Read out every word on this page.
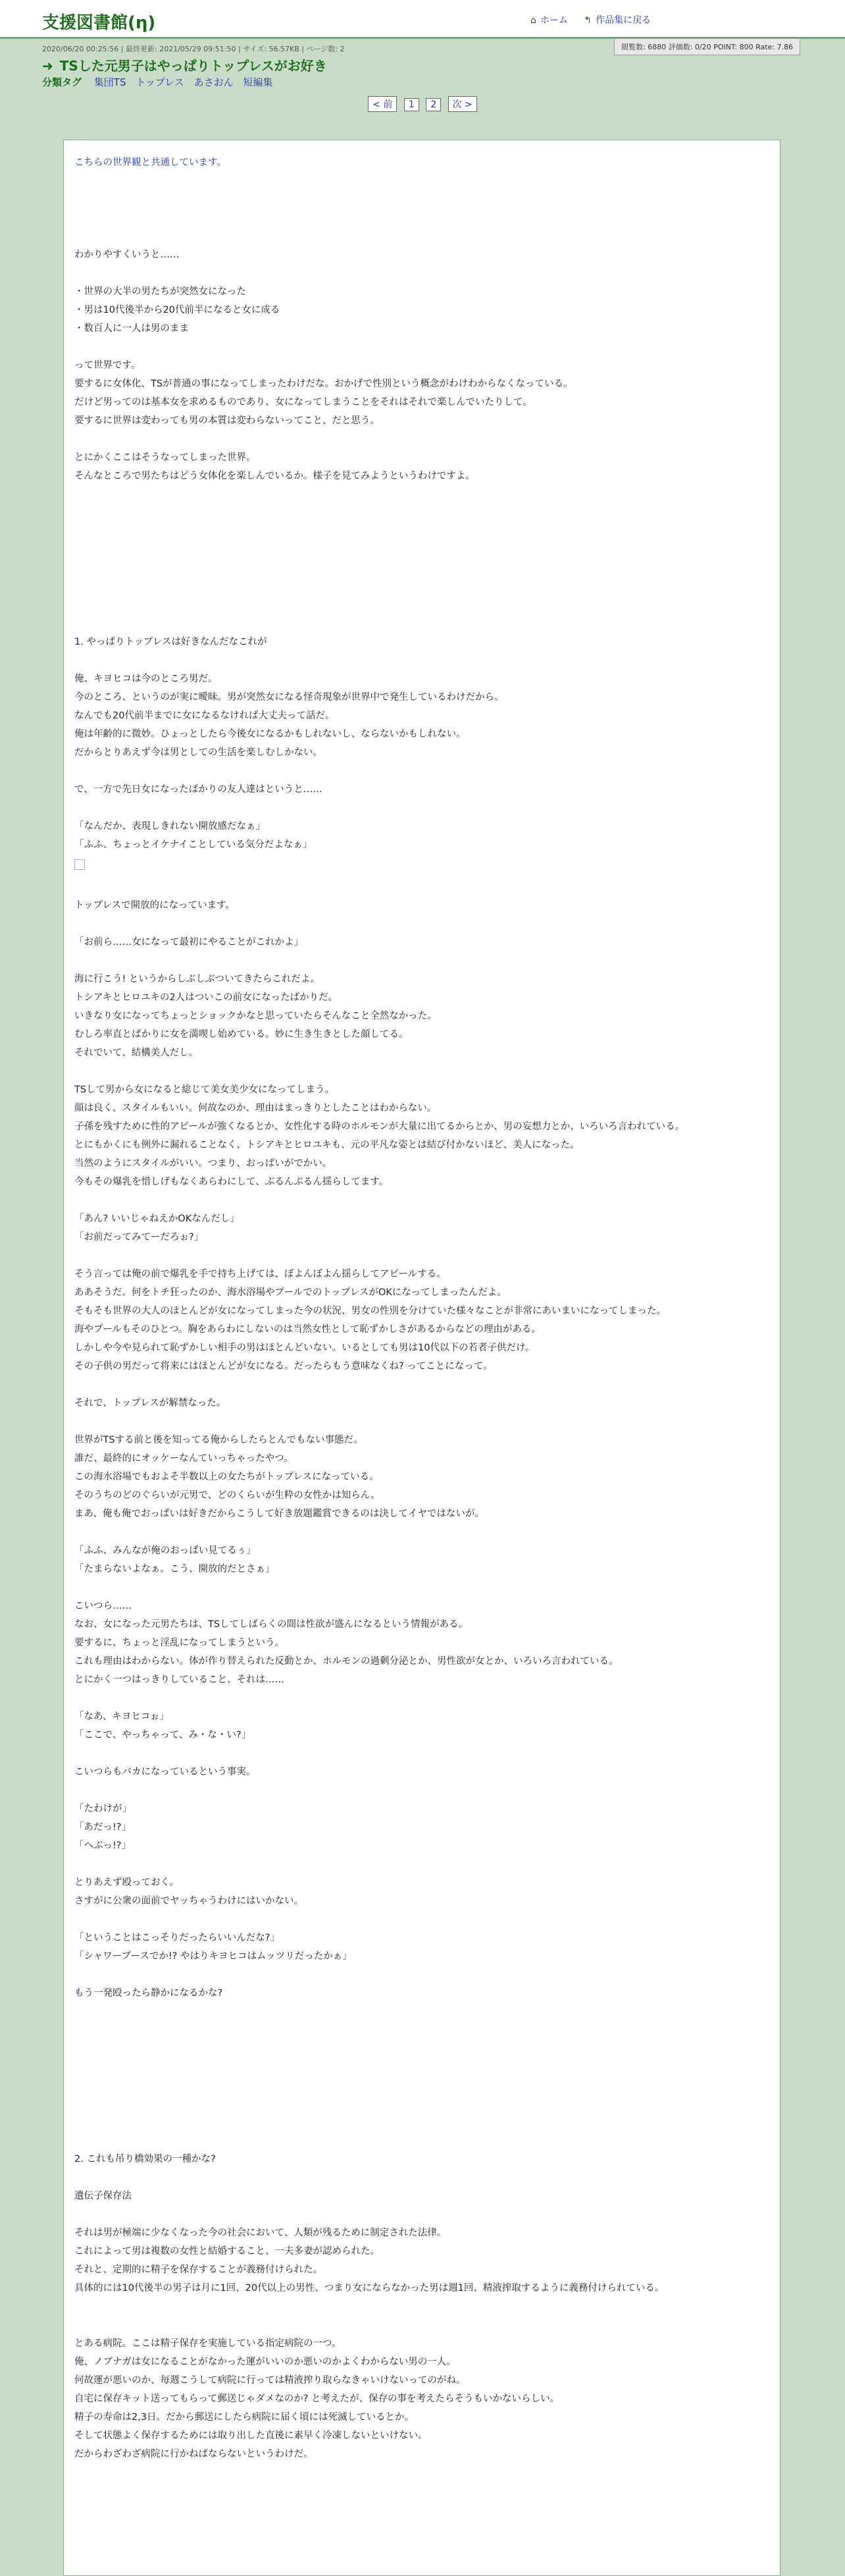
支援図書館(η)	⌂ ホーム ↰ 作品集に戻る
閲覧数: 6880 評価数: 0/20 POINT: 800 Rate: 7.86
2020/06/20 00:25:56 | 最終更新: 2021/05/29 09:51:50 | サイズ: 56.57KB | ページ数: 2
➜ TSした元男子はやっぱりトップレスがお好き
分類タグ 集団TS トップレス あさおん 短編集
< 前 1 2 次 >

こちらの世界観と共通しています。

わかりやすくいうと……

・世界の大半の男たちが突然女になった
・男は10代後半から20代前半になると女に成る
・数百人に一人は男のまま

って世界です。
要するに女体化、TSが普通の事になってしまったわけだな。おかげで性別という概念がわけわからなくなっている。
だけど男ってのは基本女を求めるものであり、女になってしまうことをそれはそれで楽しんでいたりして。
要するに世界は変わっても男の本質は変わらないってこと、だと思う。

とにかくここはそうなってしまった世界。
そんなところで男たちはどう女体化を楽しんでいるか。様子を見てみようというわけですよ。

1. やっぱりトップレスは好きなんだなこれが

俺、キヨヒコは今のところ男だ。
今のところ、というのが実に曖昧。男が突然女になる怪奇現象が世界中で発生しているわけだから。
なんでも20代前半までに女になるなければ大丈夫って話だ。
俺は年齢的に微妙。ひょっとしたら今後女になるかもしれないし、ならないかもしれない。
だからとりあえず今は男としての生活を楽しむしかない。

で、一方で先日女になったばかりの友人達はというと……

「なんだか、表現しきれない開放感だなぁ」
「ふふ、ちょっとイケナイことしている気分だよなぁ」

トップレスで開放的になっています。

「お前ら……女になって最初にやることがこれかよ」

海に行こう! というからしぶしぶついてきたらこれだよ。
トシアキとヒロユキの2人はついこの前女になったばかりだ。
いきなり女になってちょっとショックかなと思っていたらそんなこと全然なかった。
むしろ率直とばかりに女を満喫し始めている。妙に生き生きとした顔してる。
それでいて、結構美人だし。

TSして男から女になると総じて美女美少女になってしまう。
顔は良く、スタイルもいい。何故なのか、理由はまっきりとしたことはわからない。
子孫を残すために性的アピールが強くなるとか、女性化する時のホルモンが大量に出てるからとか、男の妄想力とか、いろいろ言われている。
とにもかくにも例外に漏れることなく、トシアキとヒロユキも、元の平凡な姿とは結び付かないほど、美人になった。
当然のようにスタイルがいい。つまり、おっぱいがでかい。
今もその爆乳を惜しげもなくあらわにして、ぶるんぶるん揺らしてます。

「あん? いいじゃねえかOKなんだし」
「お前だってみてーだろぉ?」

そう言っては俺の前で爆乳を手で持ち上げては、ぼよんぼよん揺らしてアピールする。
ああそうだ。何をトチ狂ったのか、海水浴場やプールでのトップレスがOKになってしまったんだよ。
そもそも世界の大人のほとんどが女になってしまった今の状況、男女の性別を分けていた様々なことが非常にあいまいになってしまった。
海やプールもそのひとつ。胸をあらわにしないのは当然女性として恥ずかしさがあるからなどの理由がある。
しかしや今や見られて恥ずかしい相手の男はほとんどいない。いるとしても男は10代以下の若者子供だけ。
その子供の男だって将来にはほとんどが女になる。だったらもう意味なくね? ってことになって。

それで、トップレスが解禁なった。

世界がTSする前と後を知ってる俺からしたらとんでもない事態だ。
誰だ、最終的にオッケーなんていっちゃったやつ。
この海水浴場でもおよそ半数以上の女たちがトップレスになっている。
そのうちのどのぐらいが元男で、どのくらいが生粋の女性かは知らん。
まあ、俺も俺でおっぱいは好きだからこうして好き放題鑑賞できるのは決してイヤではないが。

「ふふ、みんなが俺のおっぱい見てるぅ」
「たまらないよなぁ。こう、開放的だとさぁ」

こいつら……
なお、女になった元男たちは、TSしてしばらくの間は性欲が盛んになるという情報がある。
要するに、ちょっと淫乱になってしまうという。
これも理由はわからない。体が作り替えられた反動とか、ホルモンの過剰分泌とか、男性欲が女とか、いろいろ言われている。
とにかく一つはっきりしていること、それは……

「なあ、キヨヒコぉ」
「ここで、やっちゃって、み・な・い?」

こいつらもバカになっているという事実。

「たわけが」
「あだっ!?」
「へぶっ!?」

とりあえず殴っておく。
さすがに公衆の面前でヤッちゃうわけにはいかない。

「ということはこっそりだったらいいんだな?」
「シャワーブースでか!? やはりキヨヒコはムッツリだったかぁ」

もう一発殴ったら静かになるかな?

2. これも吊り橋効果の一種かな?

遺伝子保存法

それは男が極端に少なくなった今の社会において、人類が残るために制定された法律。
これによって男は複数の女性と結婚すること、一夫多妻が認められた。
それと、定期的に精子を保存することが義務付けられた。
具体的には10代後半の男子は月に1回、20代以上の男性、つまり女にならなかった男は週1回、精液搾取するように義務付けられている。

とある病院。ここは精子保存を実施している指定病院の一つ。
俺、ノブナガは女になることがなかった運がいいのか悪いのかよくわからない男の一人。
何故運が悪いのか、毎週こうして病院に行っては精液搾り取らなきゃいけないってのがね。
自宅に保存キット送ってもらって郵送じゃダメなのか? と考えたが、保存の事を考えたらそうもいかないらしい。
精子の寿命は2,3日。だから郵送にしたら病院に届く頃には死滅しているとか。
そして状態よく保存するためには取り出した直後に素早く冷凍しないといけない。
だからわざわざ病院に行かねばならないというわけだ。
